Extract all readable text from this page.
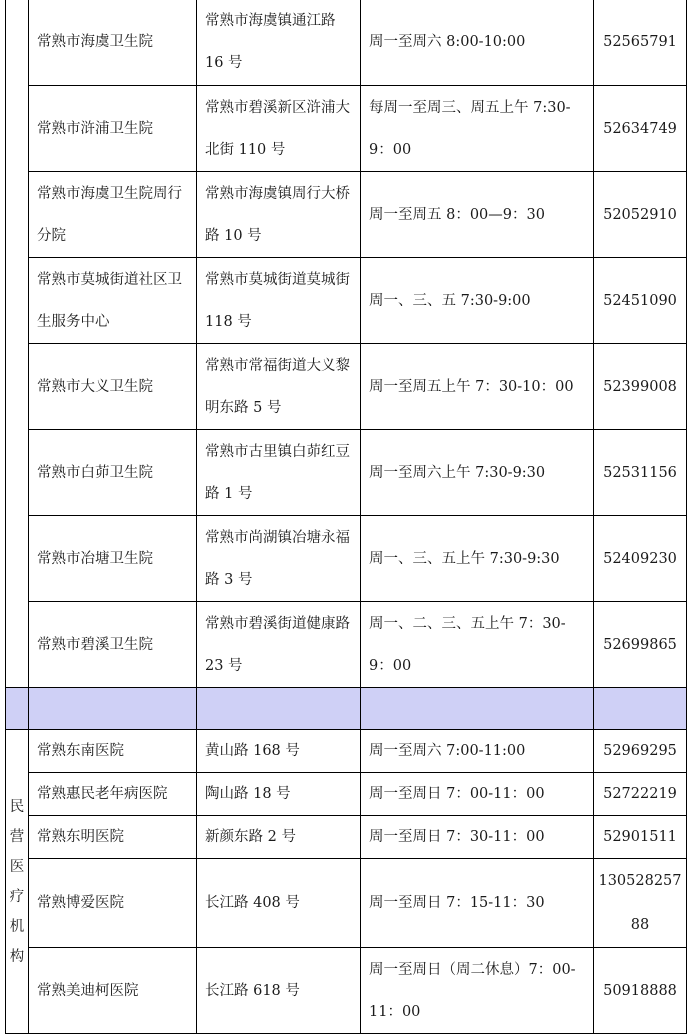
	常熟市海虞卫生院	常熟市海虞镇通江路 16 号	周一至周六 8:00-10:00	52565791
	常熟市浒浦卫生院	常熟市碧溪新区浒浦大北街 110 号	每周一至周三、周五上午 7:30-9：00	52634749

	常熟市海虞卫生院周行分院	常熟市海虞镇周行大桥路 10 号	周一至周五 8：00—9：30	52052910

	常熟市莫城街道社区卫生服务中心	常熟市莫城街道莫城街 118 号	周一、三、五 7:30-9:00	52451090
	常熟市大义卫生院	常熟市常福街道大义黎明东路 5 号	周一至周五上午 7：30-10：00	52399008
	常熟市白茆卫生院	常熟市古里镇白茆红豆路 1 号	周一至周六上午 7:30-9:30	52531156
	常熟市冶塘卫生院	常熟市尚湖镇冶塘永福路 3 号	周一、三、五上午 7:30-9:30	52409230
	常熟市碧溪卫生院	常熟市碧溪街道健康路 23 号	周一、二、三、五上午 7：30-9：00	52699865

民营医疗机构	常熟东南医院	黄山路 168 号	周一至周六 7:00-11:00	52969295
	常熟惠民老年病医院	陶山路 18 号	周一至周日 7：00-11：00	52722219
	常熟东明医院	新颜东路 2 号	周一至周日 7：30-11：00	52901511
	常熟博爱医院	长江路 408 号	周一至周日 7：15-11：30	13052825788

	常熟美迪柯医院	长江路 618 号	周一至周日（周二休息）7：00-11：00	50918888
